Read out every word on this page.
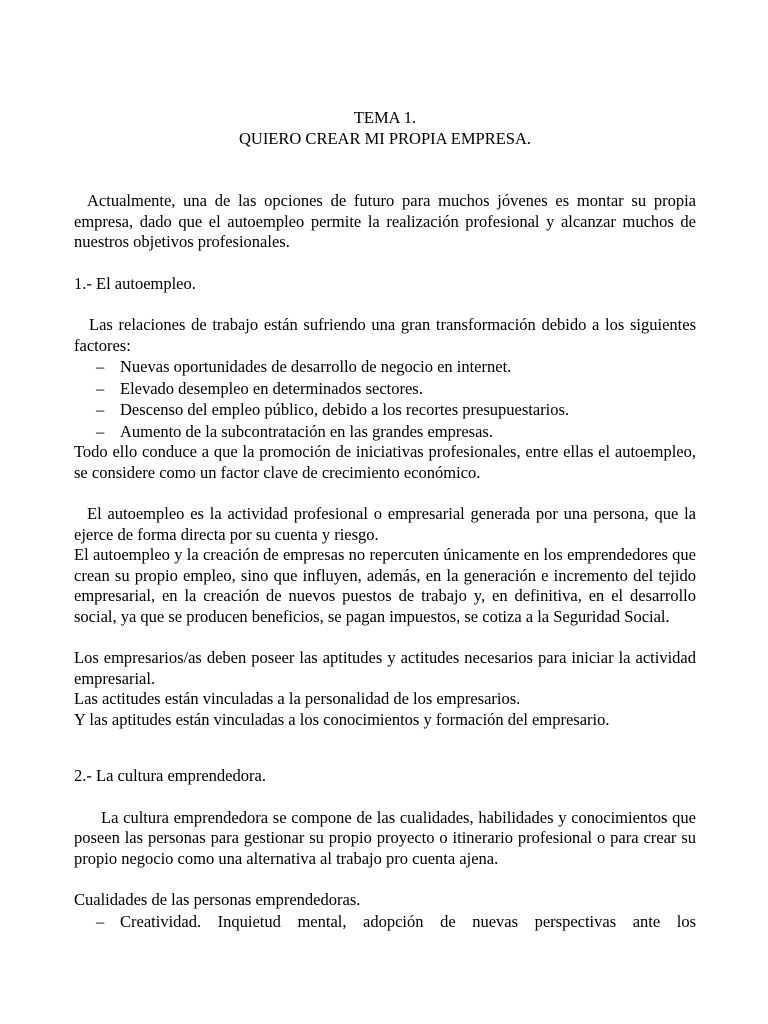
TEMA 1.
QUIERO CREAR MI PROPIA EMPRESA.

Actualmente, una de las opciones de futuro para muchos jóvenes es montar su propia empresa, dado que el autoempleo permite la realización profesional y alcanzar muchos de nuestros objetivos profesionales.

1.- El autoempleo.

Las relaciones de trabajo están sufriendo una gran transformación debido a los siguientes factores:

– Nuevas oportunidades de desarrollo de negocio en internet.
– Elevado desempleo en determinados sectores.
– Descenso del empleo público, debido a los recortes presupuestarios.
– Aumento de la subcontratación en las grandes empresas.

Todo ello conduce a que la promoción de iniciativas profesionales, entre ellas el autoempleo, se considere como un factor clave de crecimiento económico.

El autoempleo es la actividad profesional o empresarial generada por una persona, que la ejerce de forma directa por su cuenta y riesgo.

El autoempleo y la creación de empresas no repercuten únicamente en los emprendedores que crean su propio empleo, sino que influyen, además, en la generación e incremento del tejido empresarial, en la creación de nuevos puestos de trabajo y, en definitiva, en el desarrollo social, ya que se producen beneficios, se pagan impuestos, se cotiza a la Seguridad Social.

Los empresarios/as deben poseer las aptitudes y actitudes necesarios para iniciar la actividad empresarial.

Las actitudes están vinculadas a la personalidad de los empresarios.

Y las aptitudes están vinculadas a los conocimientos y formación del empresario.

2.- La cultura emprendedora.

La cultura emprendedora se compone de las cualidades, habilidades y conocimientos que poseen las personas para gestionar su propio proyecto o itinerario profesional o para crear su propio negocio como una alternativa al trabajo pro cuenta ajena.

Cualidades de las personas emprendedoras.

– Creatividad. Inquietud mental, adopción de nuevas perspectivas ante los
